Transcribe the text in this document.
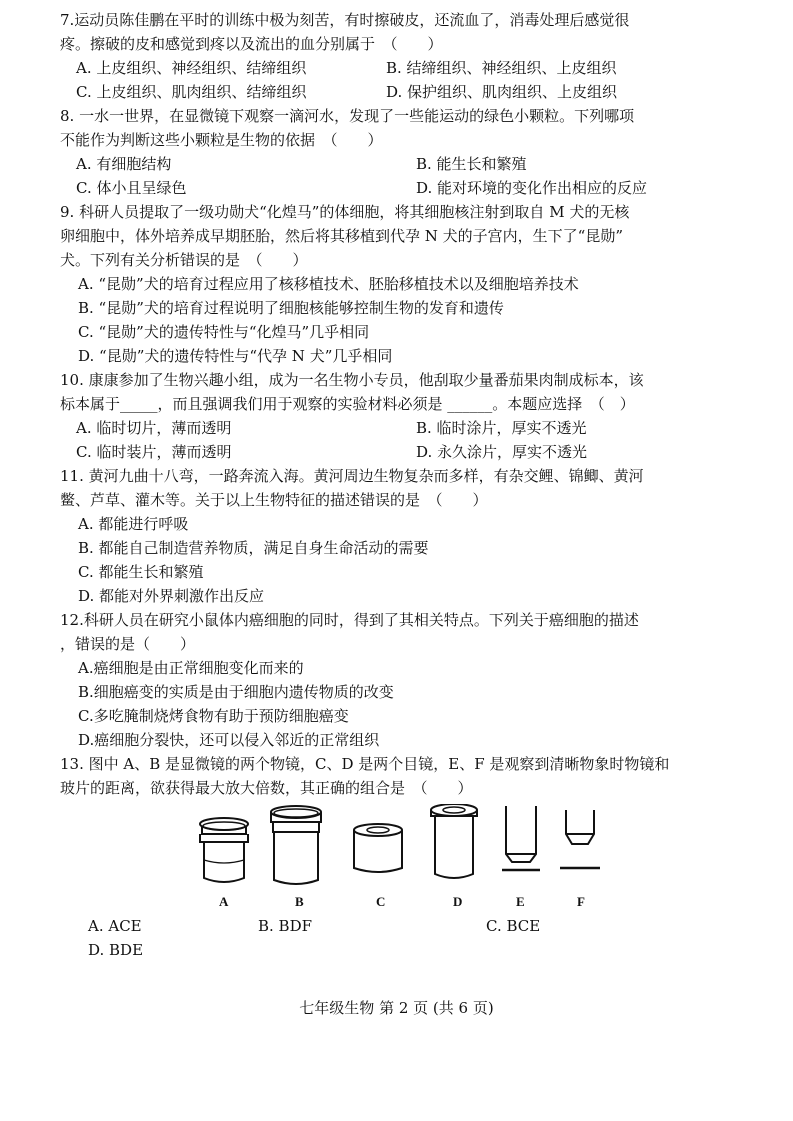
7.运动员陈佳鹏在平时的训练中极为刻苦，有时擦破皮，还流血了，消毒处理后感觉很

疼。擦破的皮和感觉到疼以及流出的血分别属于　（　　）

A. 上皮组织、神经组织、结缔组织	B. 结缔组织、神经组织、上皮组织
C. 上皮组织、肌肉组织、结缔组织	D. 保护组织、肌肉组织、上皮组织

8. 一水一世界，在显微镜下观察一滴河水，发现了一些能运动的绿色小颗粒。下列哪项

不能作为判断这些小颗粒是生物的依据　（　　）

A. 有细胞结构	B. 能生长和繁殖
C. 体小且呈绿色	D. 能对环境的变化作出相应的反应

9. 科研人员提取了一级功勋犬“化煌马”的体细胞，将其细胞核注射到取自 M 犬的无核

卵细胞中，体外培养成早期胚胎，然后将其移植到代孕 N 犬的子宫内，生下了“昆勋”

犬。下列有关分析错误的是　（　　）

A. “昆勋”犬的培育过程应用了核移植技术、胚胎移植技术以及细胞培养技术
B. “昆勋”犬的培育过程说明了细胞核能够控制生物的发育和遗传
C. “昆勋”犬的遗传特性与“化煌马”几乎相同
D. “昆勋”犬的遗传特性与“代孕 N 犬”几乎相同

10. 康康参加了生物兴趣小组，成为一名生物小专员，他刮取少量番茄果肉制成标本，该

标本属于_____，而且强调我们用于观察的实验材料必须是 ______。本题应选择　（　）

A. 临时切片，薄而透明	B. 临时涂片，厚实不透光
C. 临时装片，薄而透明	D. 永久涂片，厚实不透光

11. 黄河九曲十八弯，一路奔流入海。黄河周边生物复杂而多样，有杂交鲤、锦鲫、黄河

鳖、芦草、灌木等。关于以上生物特征的描述错误的是　（　　）

A. 都能进行呼吸
B. 都能自己制造营养物质，满足自身生命活动的需要
C. 都能生长和繁殖
D. 都能对外界刺激作出反应

12.科研人员在研究小鼠体内癌细胞的同时，得到了其相关特点。下列关于癌细胞的描述

，错误的是（　　）

A.癌细胞是由正常细胞变化而来的
B.细胞癌变的实质是由于细胞内遗传物质的改变
C.多吃腌制烧烤食物有助于预防细胞癌变
D.癌细胞分裂快，还可以侵入邻近的正常组织

13. 图中 A、B 是显微镜的两个物镜，C、D 是两个目镜，E、F 是观察到清晰物象时物镜和

玻片的距离，欲获得最大放大倍数，其正确的组合是　（　　）

A	B	C	D	E	F
A. ACE	B. BDF	C. BCE
D. BDE
七年级生物 第 2 页 (共 6 页)
